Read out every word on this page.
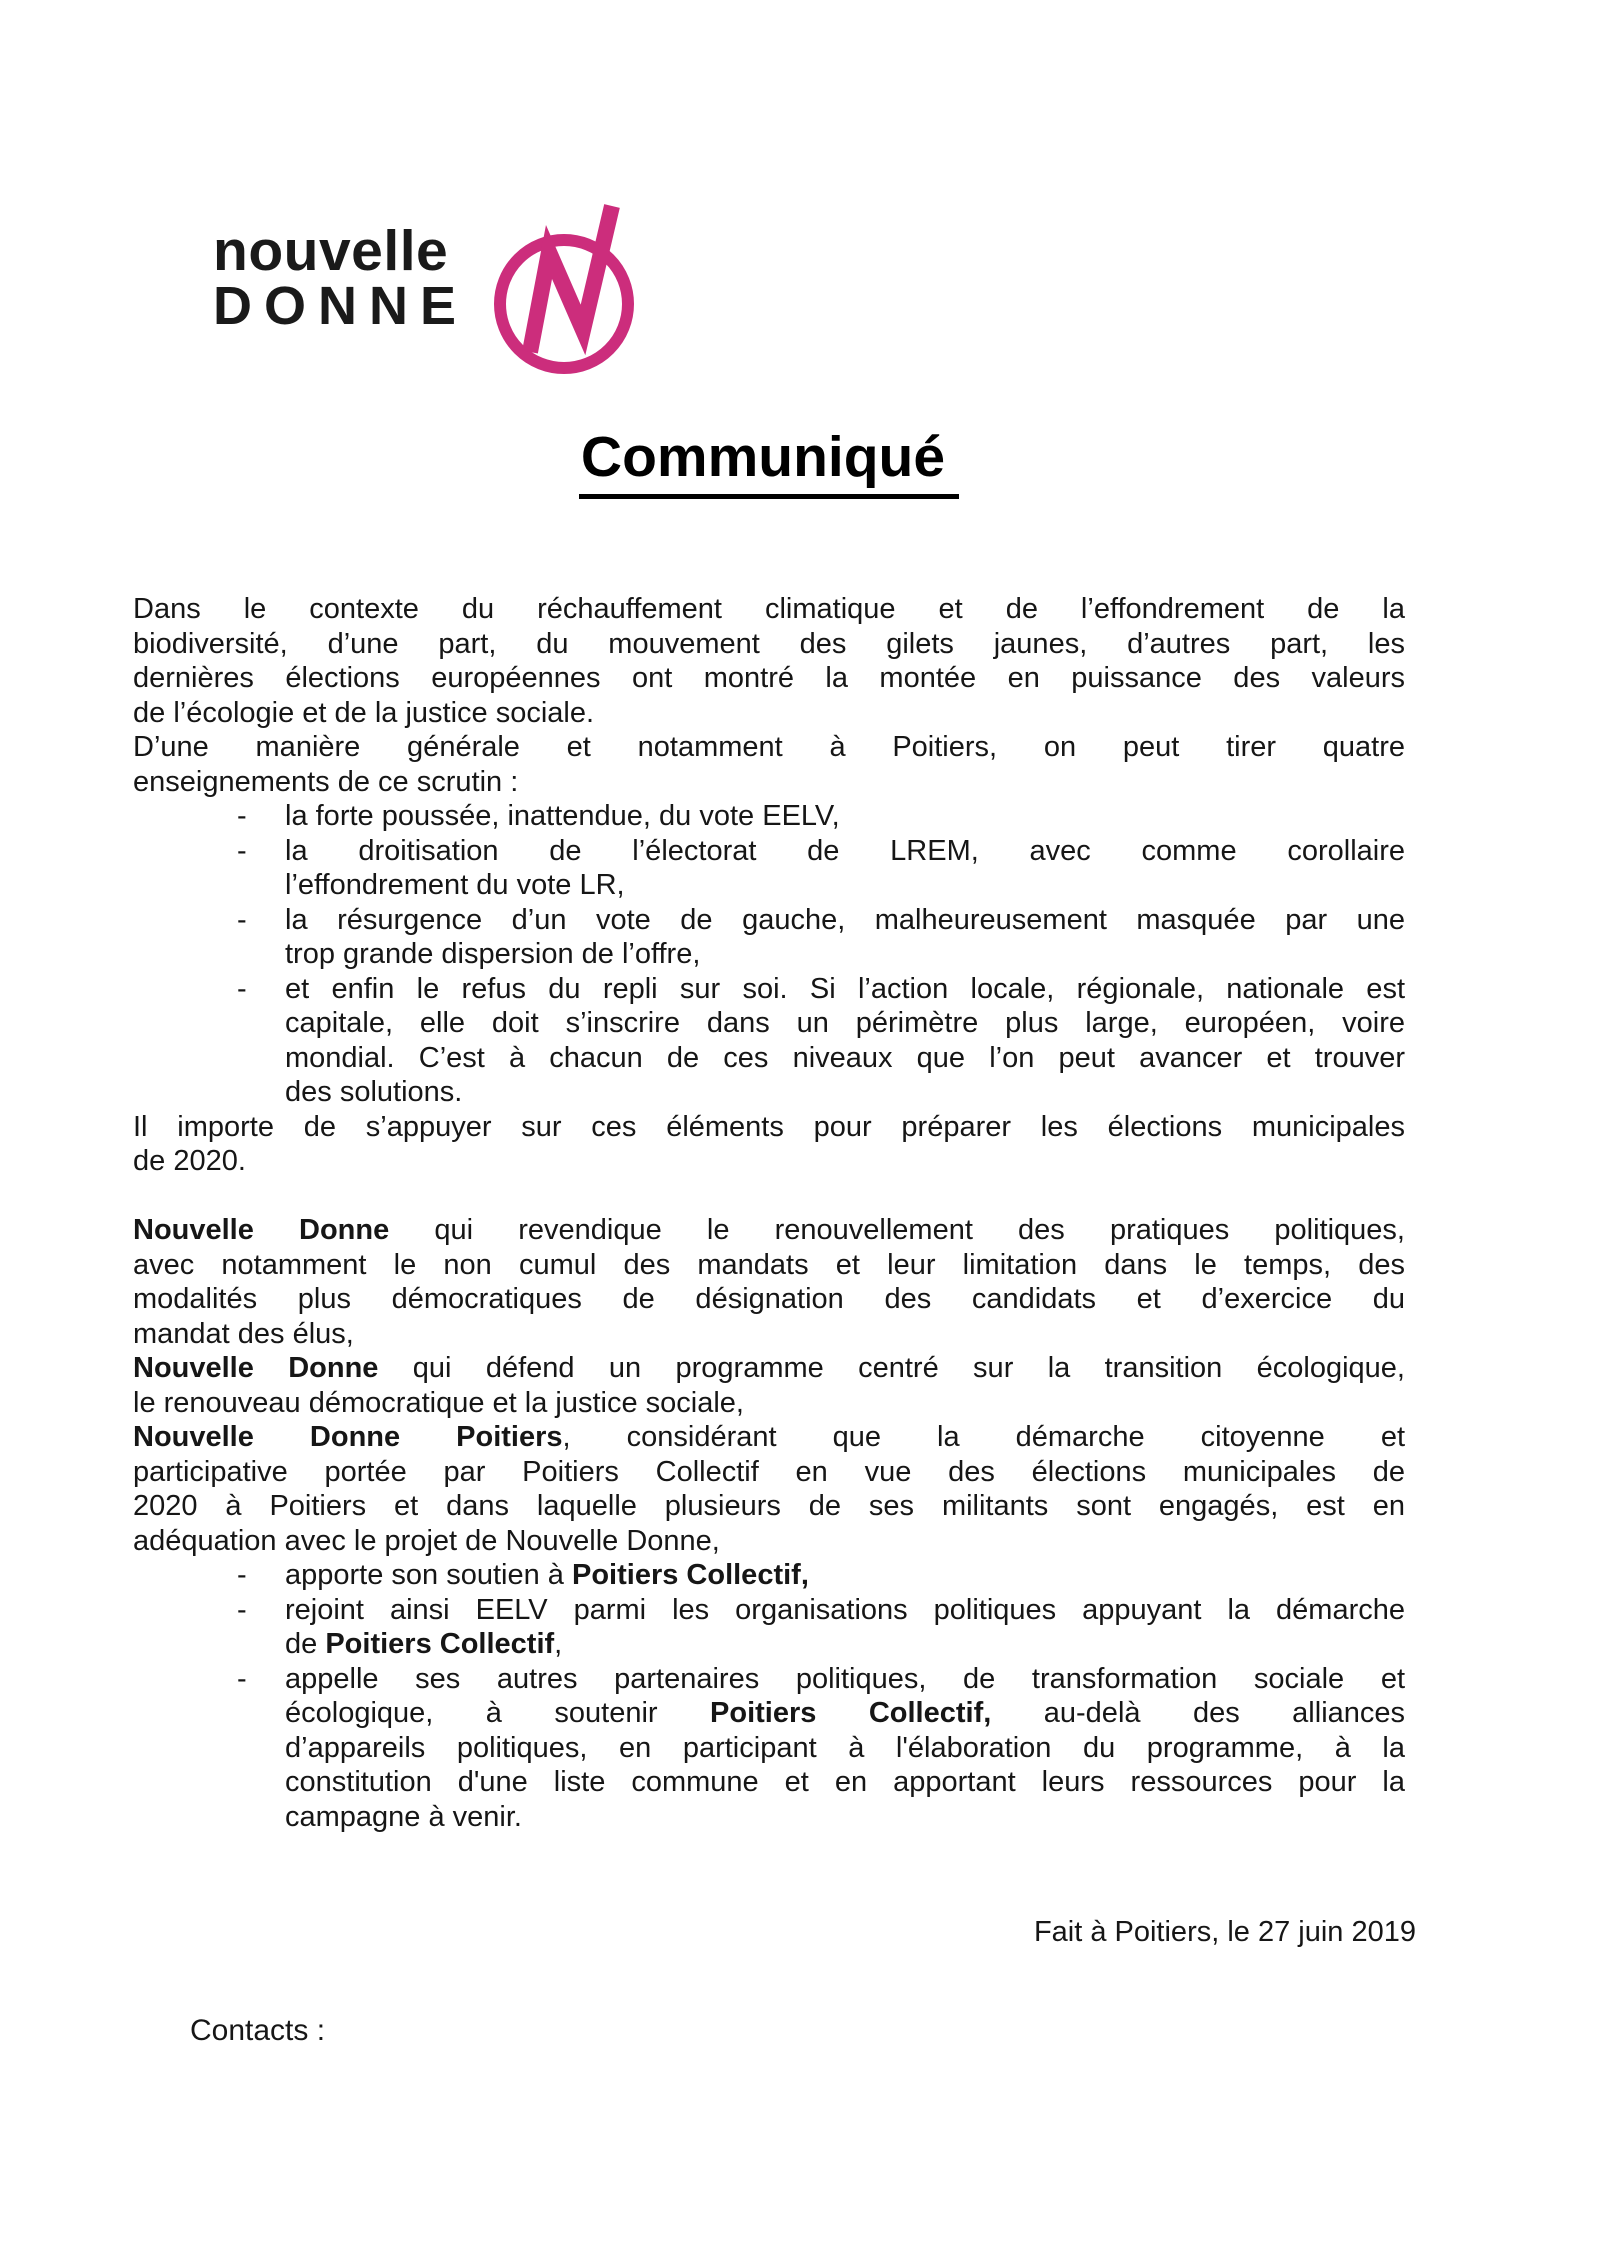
nouvelle
DONNE
Communiqué
Dans le contexte du réchauffement climatique et de l’effondrement de la
biodiversité, d’une part, du mouvement des gilets jaunes, d’autres part, les
dernières élections européennes ont montré la montée en puissance des valeurs
de l’écologie et de la justice sociale.
D’une manière générale et notamment à Poitiers, on peut tirer quatre
enseignements de ce scrutin :
- la forte poussée, inattendue, du vote EELV,
- la droitisation de l’électorat de LREM, avec comme corollaire
l’effondrement du vote LR,
- la résurgence d’un vote de gauche, malheureusement masquée par une
trop grande dispersion de l’offre,
- et enfin le refus du repli sur soi. Si l’action locale, régionale, nationale est
capitale, elle doit s’inscrire dans un périmètre plus large, européen, voire
mondial. C’est à chacun de ces niveaux que l’on peut avancer et trouver
des solutions.
Il importe de s’appuyer sur ces éléments pour préparer les élections municipales
de 2020.
Nouvelle Donne qui revendique le renouvellement des pratiques politiques,
avec notamment le non cumul des mandats et leur limitation dans le temps, des
modalités plus démocratiques de désignation des candidats et d’exercice du
mandat des élus,
Nouvelle Donne qui défend un programme centré sur la transition écologique,
le renouveau démocratique et la justice sociale,
Nouvelle Donne Poitiers, considérant que la démarche citoyenne et
participative portée par Poitiers Collectif en vue des élections municipales de
2020 à Poitiers et dans laquelle plusieurs de ses militants sont engagés, est en
adéquation avec le projet de Nouvelle Donne,
- apporte son soutien à Poitiers Collectif,
- rejoint ainsi EELV parmi les organisations politiques appuyant la démarche
de Poitiers Collectif,
- appelle ses autres partenaires politiques, de transformation sociale et
écologique, à soutenir Poitiers Collectif, au-delà des alliances
d’appareils politiques, en participant à l'élaboration du programme, à la
constitution d'une liste commune et en apportant leurs ressources pour la
campagne à venir.
Fait à Poitiers, le 27 juin 2019
Contacts :
